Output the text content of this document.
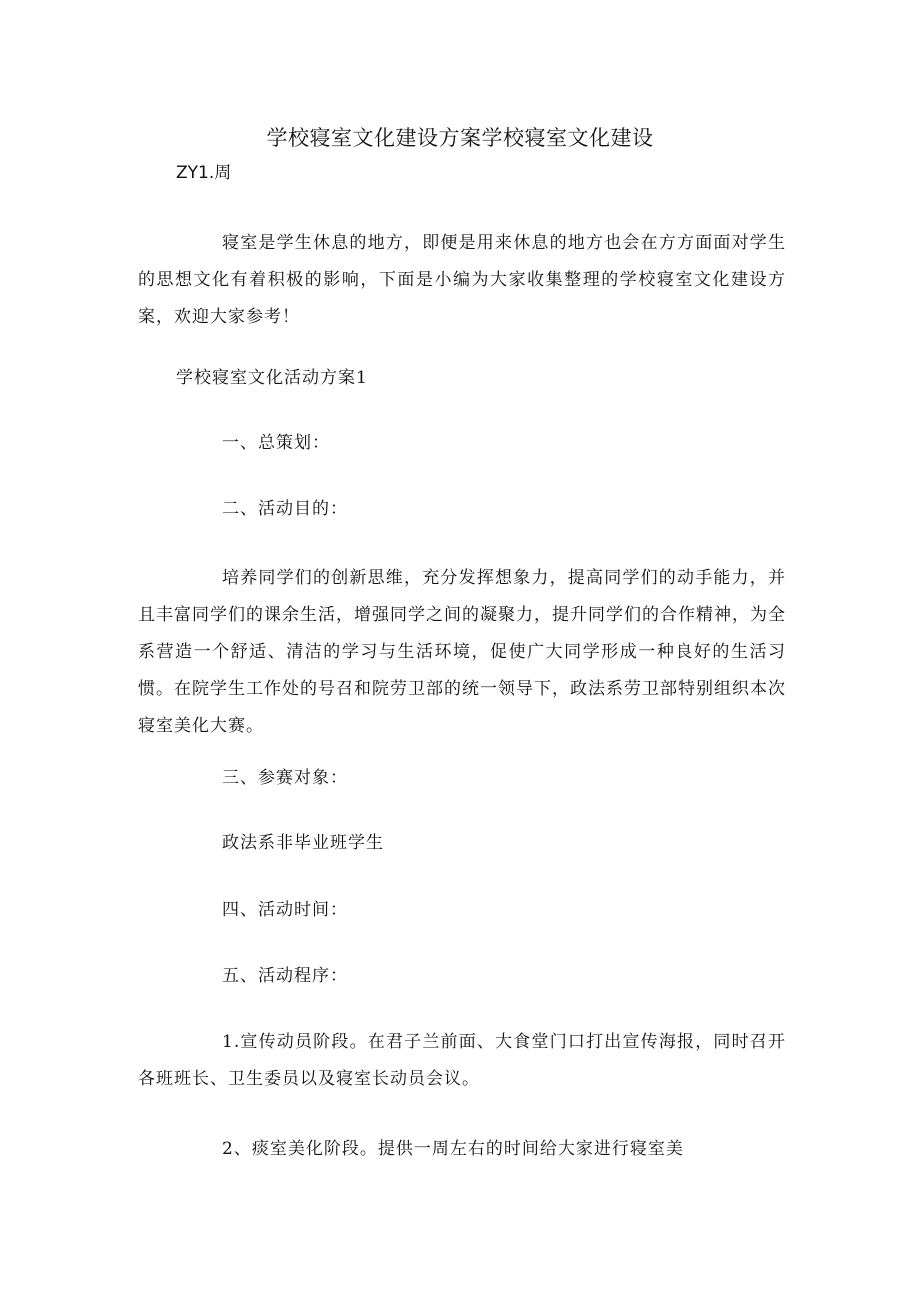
学校寝室文化建设方案学校寝室文化建设
ZY1.周

寝室是学生休息的地方，即便是用来休息的地方也会在方方面面对学生的思想文化有着积极的影响，下面是小编为大家收集整理的学校寝室文化建设方案，欢迎大家参考！

学校寝室文化活动方案1

一、总策划：

二、活动目的：

培养同学们的创新思维，充分发挥想象力，提高同学们的动手能力，并且丰富同学们的课余生活，增强同学之间的凝聚力，提升同学们的合作精神，为全系营造一个舒适、清洁的学习与生活环境，促使广大同学形成一种良好的生活习惯。在院学生工作处的号召和院劳卫部的统一领导下，政法系劳卫部特别组织本次寝室美化大赛。

三、参赛对象：

政法系非毕业班学生

四、活动时间：

五、活动程序：

1.宣传动员阶段。在君子兰前面、大食堂门口打出宣传海报，同时召开各班班长、卫生委员以及寝室长动员会议。

2、痰室美化阶段。提供一周左右的时间给大家进行寝室美
